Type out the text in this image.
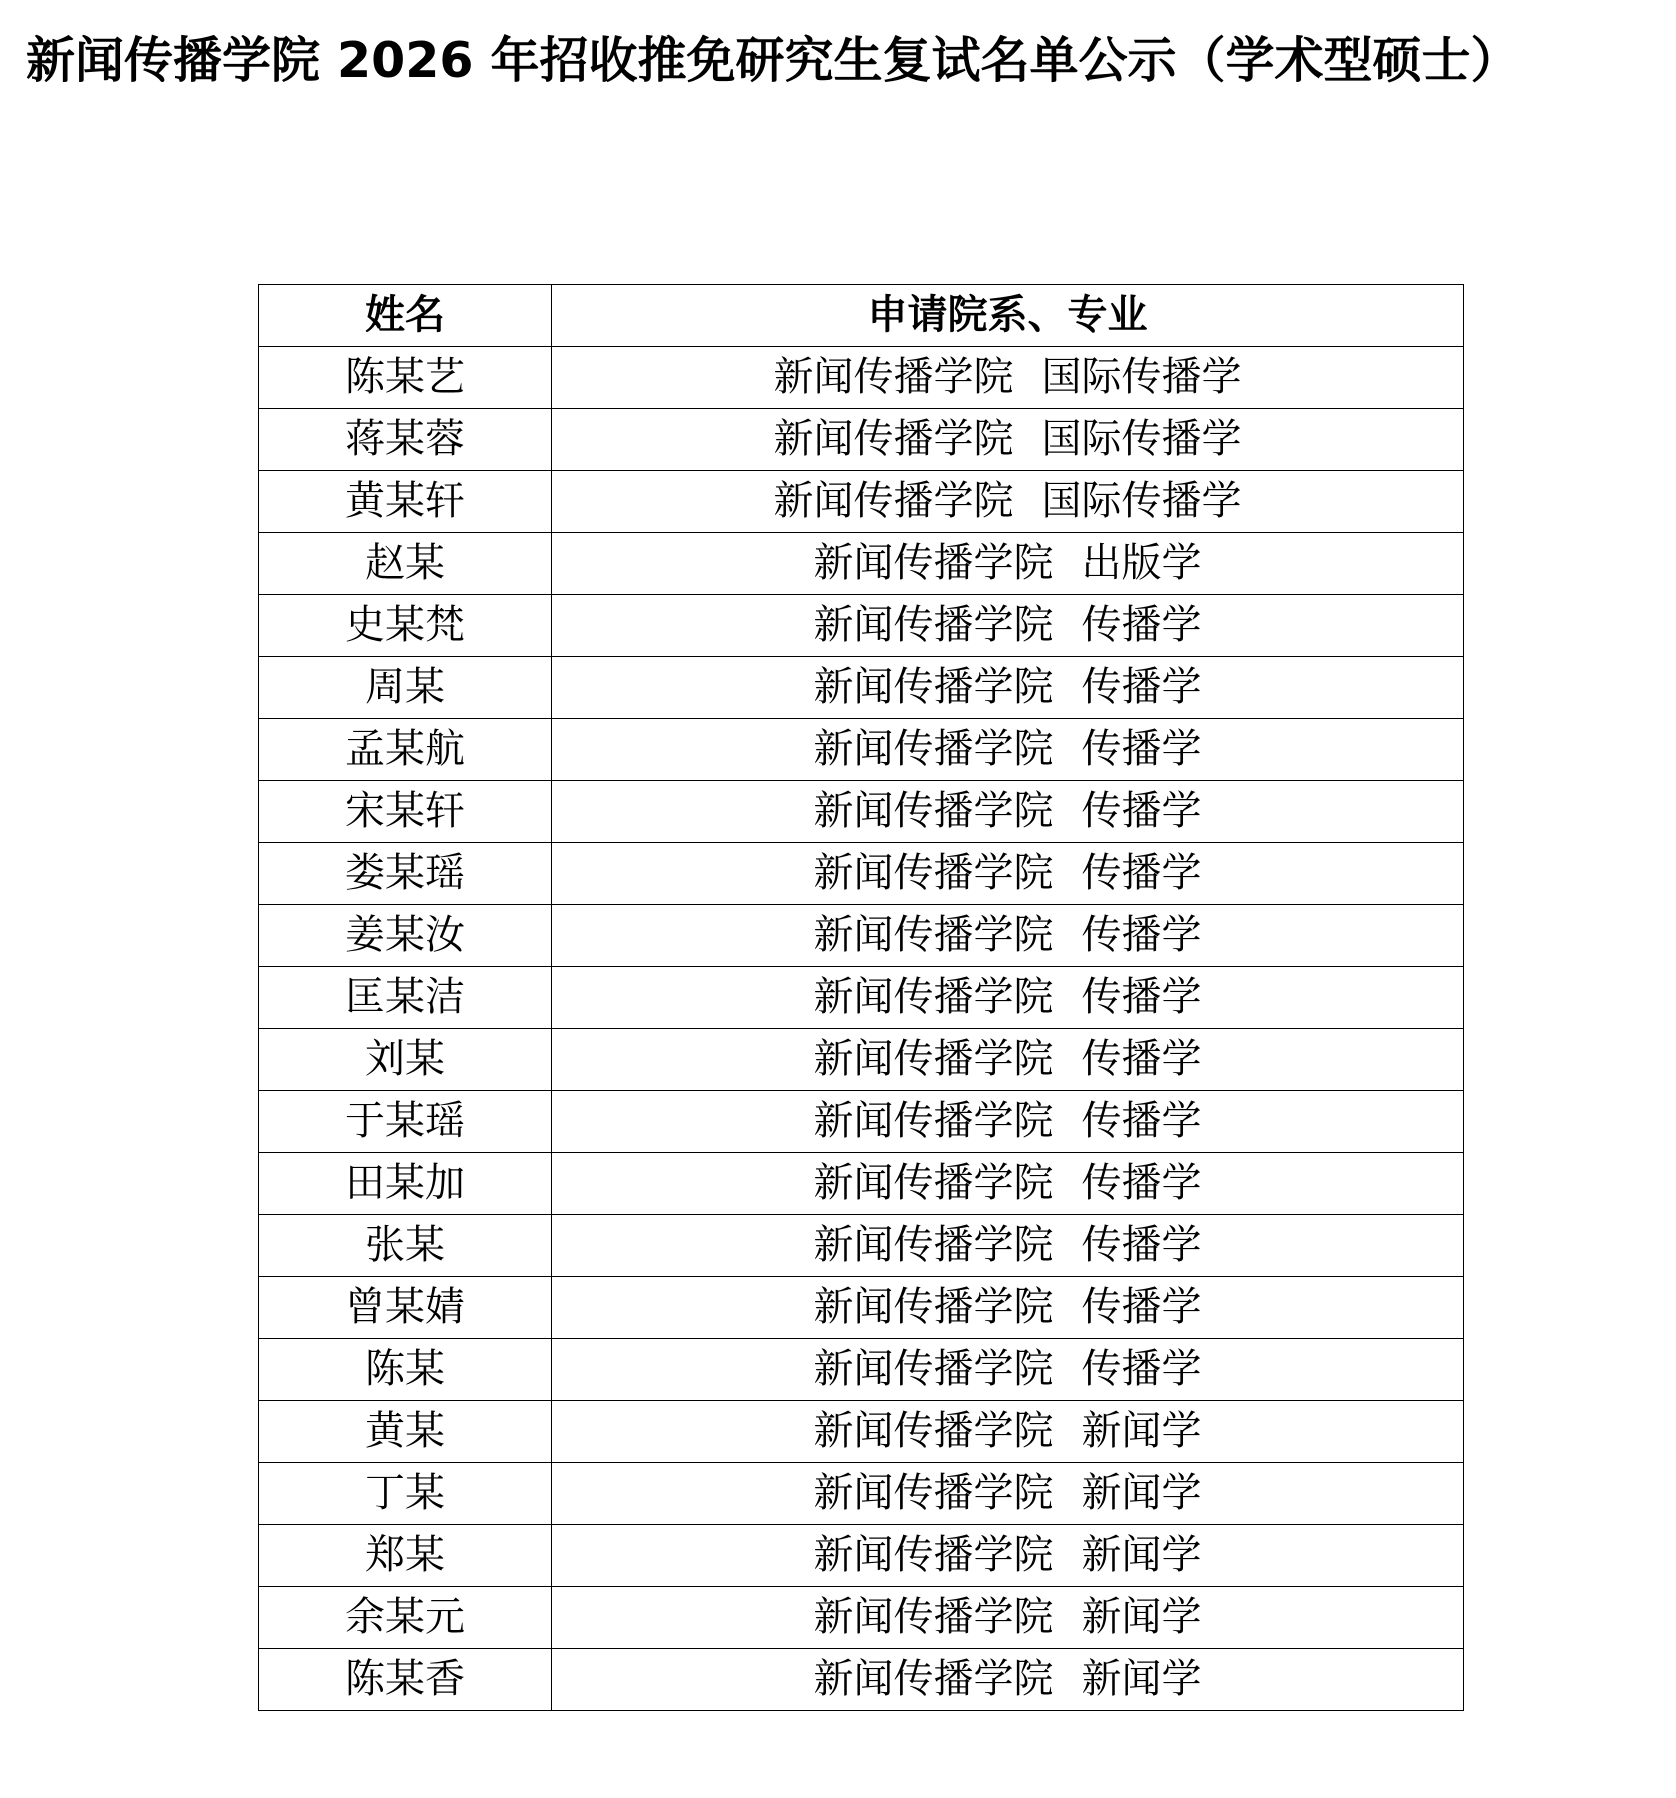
新闻传播学院 2026 年招收推免研究生复试名单公示（学术型硕士）
姓名	申请院系、专业
陈某艺	新闻传播学院 国际传播学
蒋某蓉	新闻传播学院 国际传播学
黄某轩	新闻传播学院 国际传播学
赵某	新闻传播学院 出版学
史某梵	新闻传播学院 传播学
周某	新闻传播学院 传播学
孟某航	新闻传播学院 传播学
宋某轩	新闻传播学院 传播学
娄某瑶	新闻传播学院 传播学
姜某汝	新闻传播学院 传播学
匡某洁	新闻传播学院 传播学
刘某	新闻传播学院 传播学
于某瑶	新闻传播学院 传播学
田某加	新闻传播学院 传播学
张某	新闻传播学院 传播学
曾某婧	新闻传播学院 传播学
陈某	新闻传播学院 传播学
黄某	新闻传播学院 新闻学
丁某	新闻传播学院 新闻学
郑某	新闻传播学院 新闻学
余某元	新闻传播学院 新闻学
陈某香	新闻传播学院 新闻学
